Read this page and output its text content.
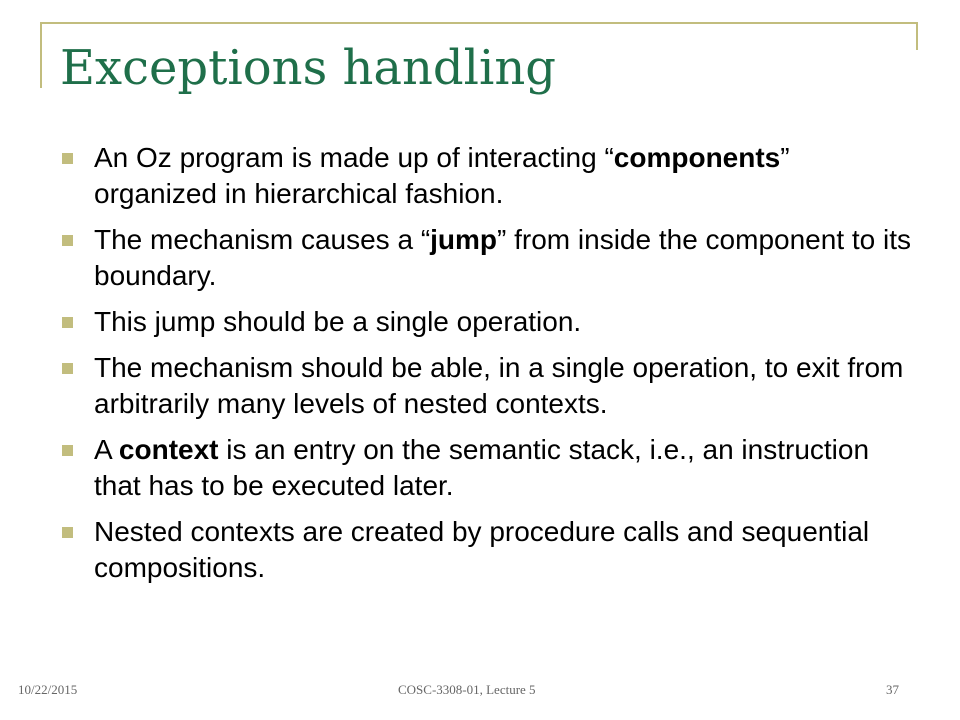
Exceptions handling
An Oz program is made up of interacting “components” organized in hierarchical fashion.
The mechanism causes a “jump” from inside the component to its boundary.
This jump should be a single operation.
The mechanism should be able, in a single operation, to exit from arbitrarily many levels of nested contexts.
A context is an entry on the semantic stack, i.e., an instruction that has to be executed later.
Nested contexts are created by procedure calls and sequential compositions.
10/22/2015	COSC-3308-01, Lecture 5	37
